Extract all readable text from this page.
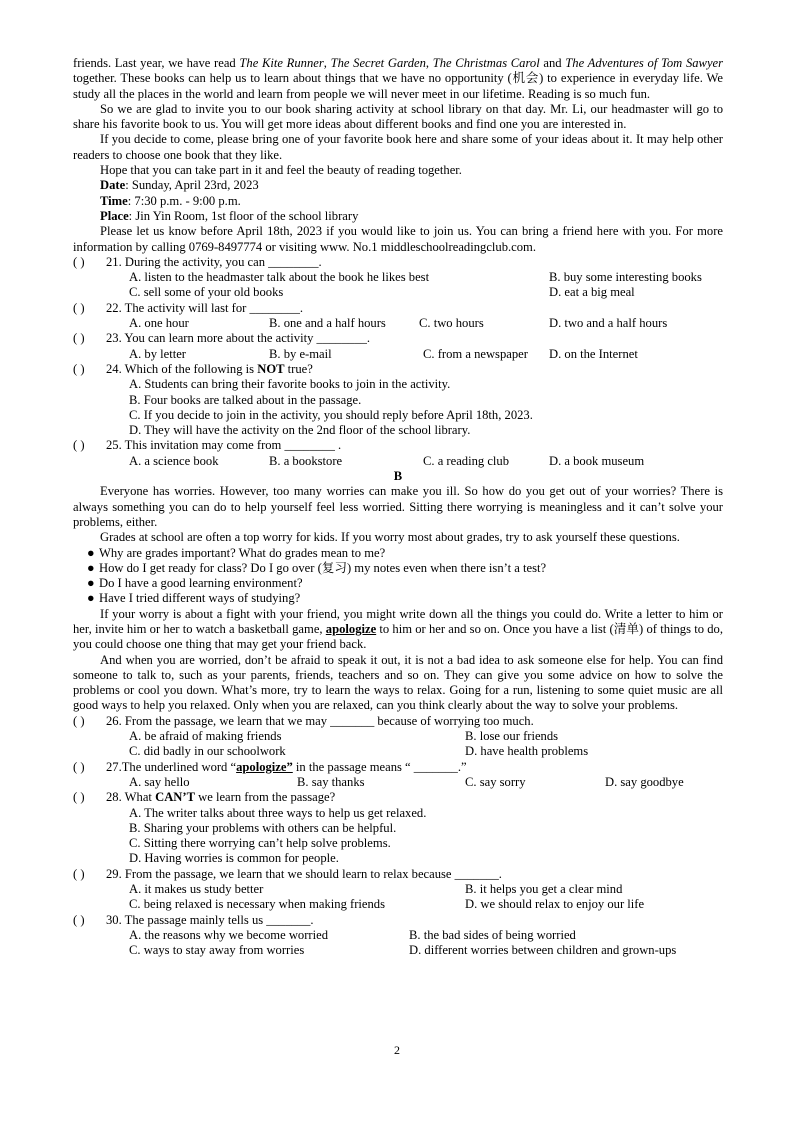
friends. Last year, we have read The Kite Runner, The Secret Garden, The Christmas Carol and The Adventures of Tom Sawyer together. These books can help us to learn about things that we have no opportunity (机会) to experience in everyday life. We study all the places in the world and learn from people we will never meet in our lifetime. Reading is so much fun.

So we are glad to invite you to our book sharing activity at school library on that day. Mr. Li, our headmaster will go to share his favorite book to us. You will get more ideas about different books and find one you are interested in.

If you decide to come, please bring one of your favorite book here and share some of your ideas about it. It may help other readers to choose one book that they like.

Hope that you can take part in it and feel the beauty of reading together.

Date: Sunday, April 23rd, 2023

Time: 7:30 p.m. - 9:00 p.m.

Place: Jin Yin Room, 1st floor of the school library

Please let us know before April 18th, 2023 if you would like to join us. You can bring a friend here with you. For more information by calling 0769-8497774 or visiting www. No.1 middleschoolreadingclub.com.

( ) 21. During the activity, you can ________.
A. listen to the headmaster talk about the book he likes best	B. buy some interesting books
C. sell some of your old books	D. eat a big meal
( ) 22. The activity will last for ________.
A. one hour	B. one and a half hours	C. two hours	D. two and a half hours
( ) 23. You can learn more about the activity ________.
A. by letter	B. by e-mail	C. from a newspaper D. on the Internet
( ) 24. Which of the following is NOT true?

A. Students can bring their favorite books to join in the activity.

B. Four books are talked about in the passage.

C. If you decide to join in the activity, you should reply before April 18th, 2023.

D. They will have the activity on the 2nd floor of the school library.

( ) 25. This invitation may come from ________ .
A. a science book	B. a bookstore	C. a reading club	D. a book museum

B

Everyone has worries. However, too many worries can make you ill. So how do you get out of your worries? There is always something you can do to help yourself feel less worried. Sitting there worrying is meaningless and it can’t solve your problems, either.

Grades at school are often a top worry for kids. If you worry most about grades, try to ask yourself these questions.

● Why are grades important? What do grades mean to me?

● How do I get ready for class? Do I go over (复习) my notes even when there isn’t a test?

● Do I have a good learning environment?

● Have I tried different ways of studying?

If your worry is about a fight with your friend, you might write down all the things you could do. Write a letter to him or her, invite him or her to watch a basketball game, apologize to him or her and so on. Once you have a list (清单) of things to do, you could choose one thing that may get your friend back.

And when you are worried, don’t be afraid to speak it out, it is not a bad idea to ask someone else for help. You can find someone to talk to, such as your parents, friends, teachers and so on. They can give you some advice on how to solve the problems or cool you down. What’s more, try to learn the ways to relax. Going for a run, listening to some quiet music are all good ways to help you relaxed. Only when you are relaxed, can you think clearly about the way to solve your problems.

( ) 26. From the passage, we learn that we may _______ because of worrying too much.
A. be afraid of making friends	B. lose our friends
C. did badly in our schoolwork	D. have health problems
( ) 27.The underlined word “apologize” in the passage means “ _______.”
A. say hello	B. say thanks	C. say sorry	D. say goodbye
( ) 28. What CAN’T we learn from the passage?

A. The writer talks about three ways to help us get relaxed.

B. Sharing your problems with others can be helpful.

C. Sitting there worrying can’t help solve problems.

D. Having worries is common for people.

( ) 29. From the passage, we learn that we should learn to relax because _______.
A. it makes us study better	B. it helps you get a clear mind
C. being relaxed is necessary when making friends	D. we should relax to enjoy our life
( ) 30. The passage mainly tells us _______.
A. the reasons why we become worried	B. the bad sides of being worried
C. ways to stay away from worries	D. different worries between children and grown-ups
2
